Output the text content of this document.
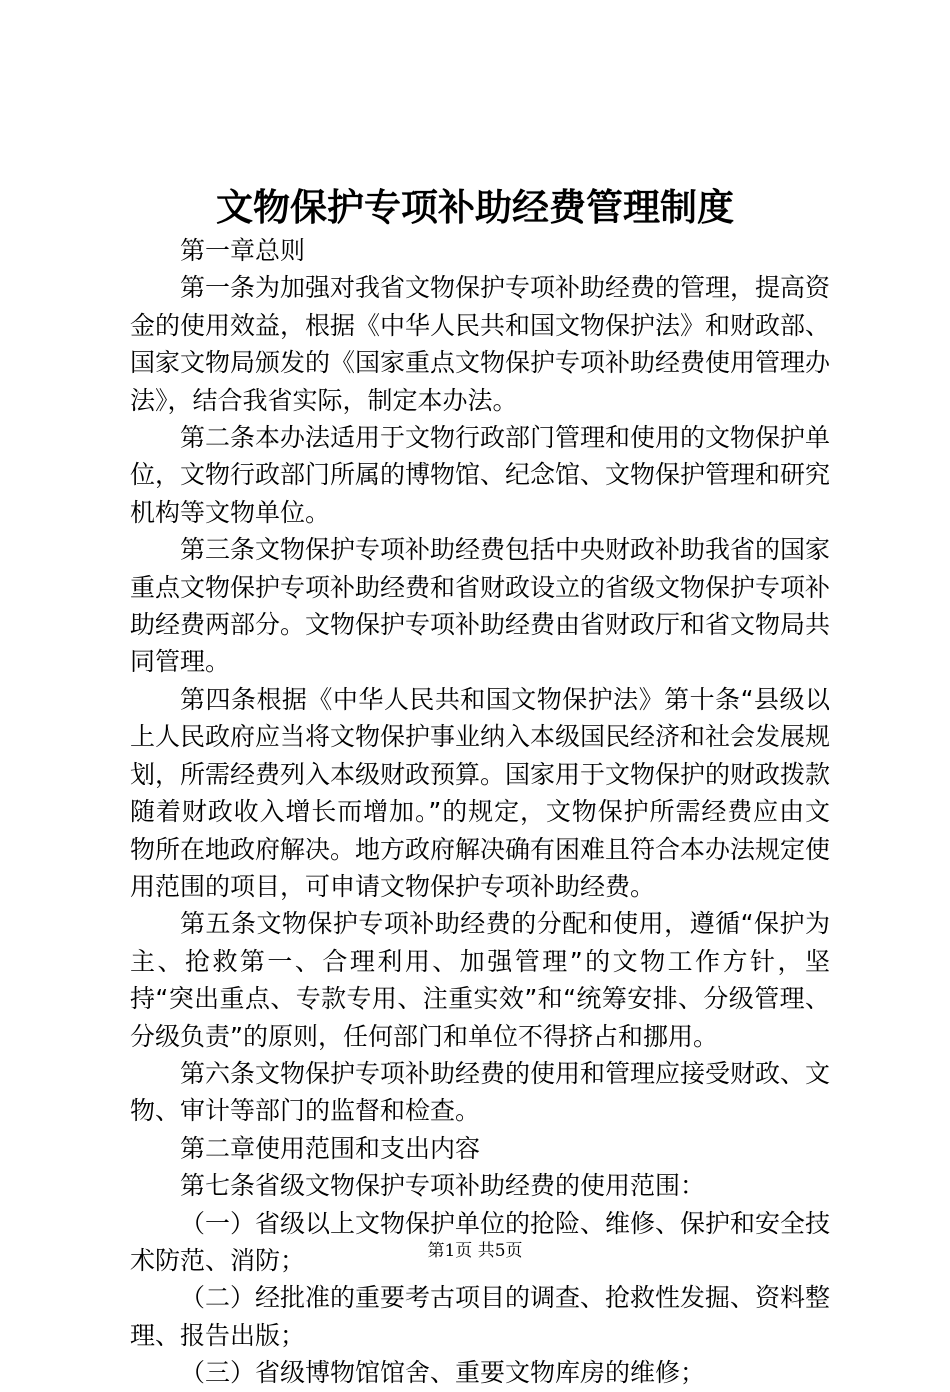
文物保护专项补助经费管理制度

第一章总则

第一条为加强对我省文物保护专项补助经费的管理，提高资金的使用效益，根据《中华人民共和国文物保护法》和财政部、国家文物局颁发的《国家重点文物保护专项补助经费使用管理办法》，结合我省实际，制定本办法。

第二条本办法适用于文物行政部门管理和使用的文物保护单位，文物行政部门所属的博物馆、纪念馆、文物保护管理和研究机构等文物单位。

第三条文物保护专项补助经费包括中央财政补助我省的国家重点文物保护专项补助经费和省财政设立的省级文物保护专项补助经费两部分。文物保护专项补助经费由省财政厅和省文物局共同管理。

第四条根据《中华人民共和国文物保护法》第十条“县级以上人民政府应当将文物保护事业纳入本级国民经济和社会发展规划，所需经费列入本级财政预算。国家用于文物保护的财政拨款随着财政收入增长而增加。”的规定，文物保护所需经费应由文物所在地政府解决。地方政府解决确有困难且符合本办法规定使用范围的项目，可申请文物保护专项补助经费。

第五条文物保护专项补助经费的分配和使用，遵循“保护为主、抢救第一、合理利用、加强管理”的文物工作方针，坚持“突出重点、专款专用、注重实效”和“统筹安排、分级管理、分级负责”的原则，任何部门和单位不得挤占和挪用。

第六条文物保护专项补助经费的使用和管理应接受财政、文物、审计等部门的监督和检查。

第二章使用范围和支出内容

第七条省级文物保护专项补助经费的使用范围：

（一）省级以上文物保护单位的抢险、维修、保护和安全技术防范、消防；

（二）经批准的重要考古项目的调查、抢救性发掘、资料整理、报告出版；

（三）省级博物馆馆舍、重要文物库房的维修；

第1页 共5页
